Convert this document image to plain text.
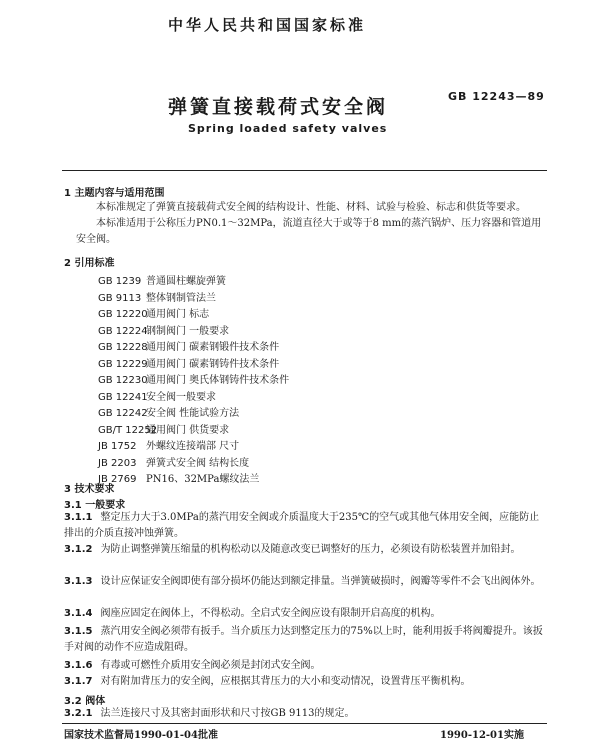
中华人民共和国国家标准
弹簧直接载荷式安全阀	GB 12243—89
Spring loaded safety valves
1 主题内容与适用范围
本标准规定了弹簧直接载荷式安全阀的结构设计、性能、材料、试验与检验、标志和供货等要求。
本标准适用于公称压力PN0.1～32MPa，流道直径大于或等于8 mm的蒸汽锅炉、压力容器和管道用安全阀。
2 引用标准
GB 1239 普通圆柱螺旋弹簧
GB 9113 整体钢制管法兰
GB 12220通用阀门 标志
GB 12224钢制阀门 一般要求
GB 12228通用阀门 碳素钢锻件技术条件
GB 12229通用阀门 碳素钢铸件技术条件
GB 12230通用阀门 奥氏体钢铸件技术条件
GB 12241安全阀一般要求
GB 12242安全阀 性能试验方法
GB/T 12252通用阀门 供货要求
JB 1752 外螺纹连接端部 尺寸
JB 2203 弹簧式安全阀 结构长度
JB 2769 PN16、32MPa螺纹法兰
3 技术要求
3.1 一般要求
3.1.1 整定压力大于3.0MPa的蒸汽用安全阀或介质温度大于235℃的空气或其他气体用安全阀，应能防止排出的介质直接冲蚀弹簧。
3.1.2 为防止调整弹簧压缩量的机构松动以及随意改变已调整好的压力，必须设有防松装置并加铅封。
3.1.3 设计应保证安全阀即使有部分损坏仍能达到额定排量。当弹簧破损时，阀瓣等零件不会飞出阀体外。
3.1.4 阀座应固定在阀体上，不得松动。全启式安全阀应设有限制开启高度的机构。
3.1.5 蒸汽用安全阀必须带有扳手。当介质压力达到整定压力的75%以上时，能利用扳手将阀瓣提升。该扳手对阀的动作不应造成阻碍。
3.1.6 有毒或可燃性介质用安全阀必须是封闭式安全阀。
3.1.7 对有附加背压力的安全阀，应根据其背压力的大小和变动情况，设置背压平衡机构。
3.2 阀体
3.2.1 法兰连接尺寸及其密封面形状和尺寸按GB 9113的规定。
国家技术监督局1990-01-04批准	1990-12-01实施
